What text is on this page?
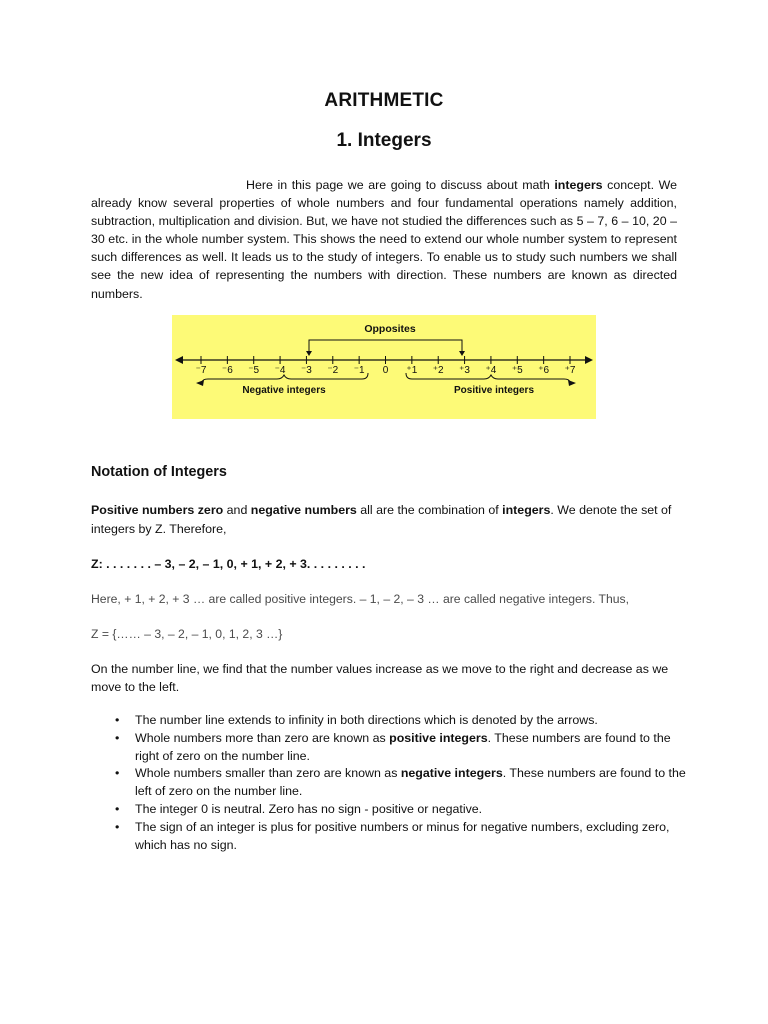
ARITHMETIC
1. Integers

Here in this page we are going to discuss about math integers concept. We already know several properties of whole numbers and four fundamental operations namely addition, subtraction, multiplication and division. But, we have not studied the differences such as 5 – 7, 6 – 10, 20 – 30 etc. in the whole number system. This shows the need to extend our whole number system to represent such differences as well. It leads us to the study of integers. To enable us to study such numbers we shall see the new idea of representing the numbers with direction. These numbers are known as directed numbers.

⁻7 ⁻6 ⁻5 ⁻4 ⁻3 ⁻2 ⁻1 0 ⁺1 ⁺2 ⁺3 ⁺4 ⁺5 ⁺6 ⁺7
Opposites
Negative integers	Positive integers
Notation of Integers

Positive numbers zero and negative numbers all are the combination of integers. We denote the set of integers by Z. Therefore,

Z: . . . . . . . – 3, – 2, – 1, 0, + 1, + 2, + 3. . . . . . . . .

Here, + 1, + 2, + 3 … are called positive integers. – 1, – 2, – 3 … are called negative integers. Thus,

Z = {…… – 3, – 2, – 1, 0, 1, 2, 3 …}

On the number line, we find that the number values increase as we move to the right and decrease as we move to the left.

• The number line extends to infinity in both directions which is denoted by the arrows.
• Whole numbers more than zero are known as positive integers. These numbers are found to the right of zero on the number line.
• Whole numbers smaller than zero are known as negative integers. These numbers are found to the left of zero on the number line.
• The integer 0 is neutral. Zero has no sign - positive or negative.
• The sign of an integer is plus for positive numbers or minus for negative numbers, excluding zero, which has no sign.
